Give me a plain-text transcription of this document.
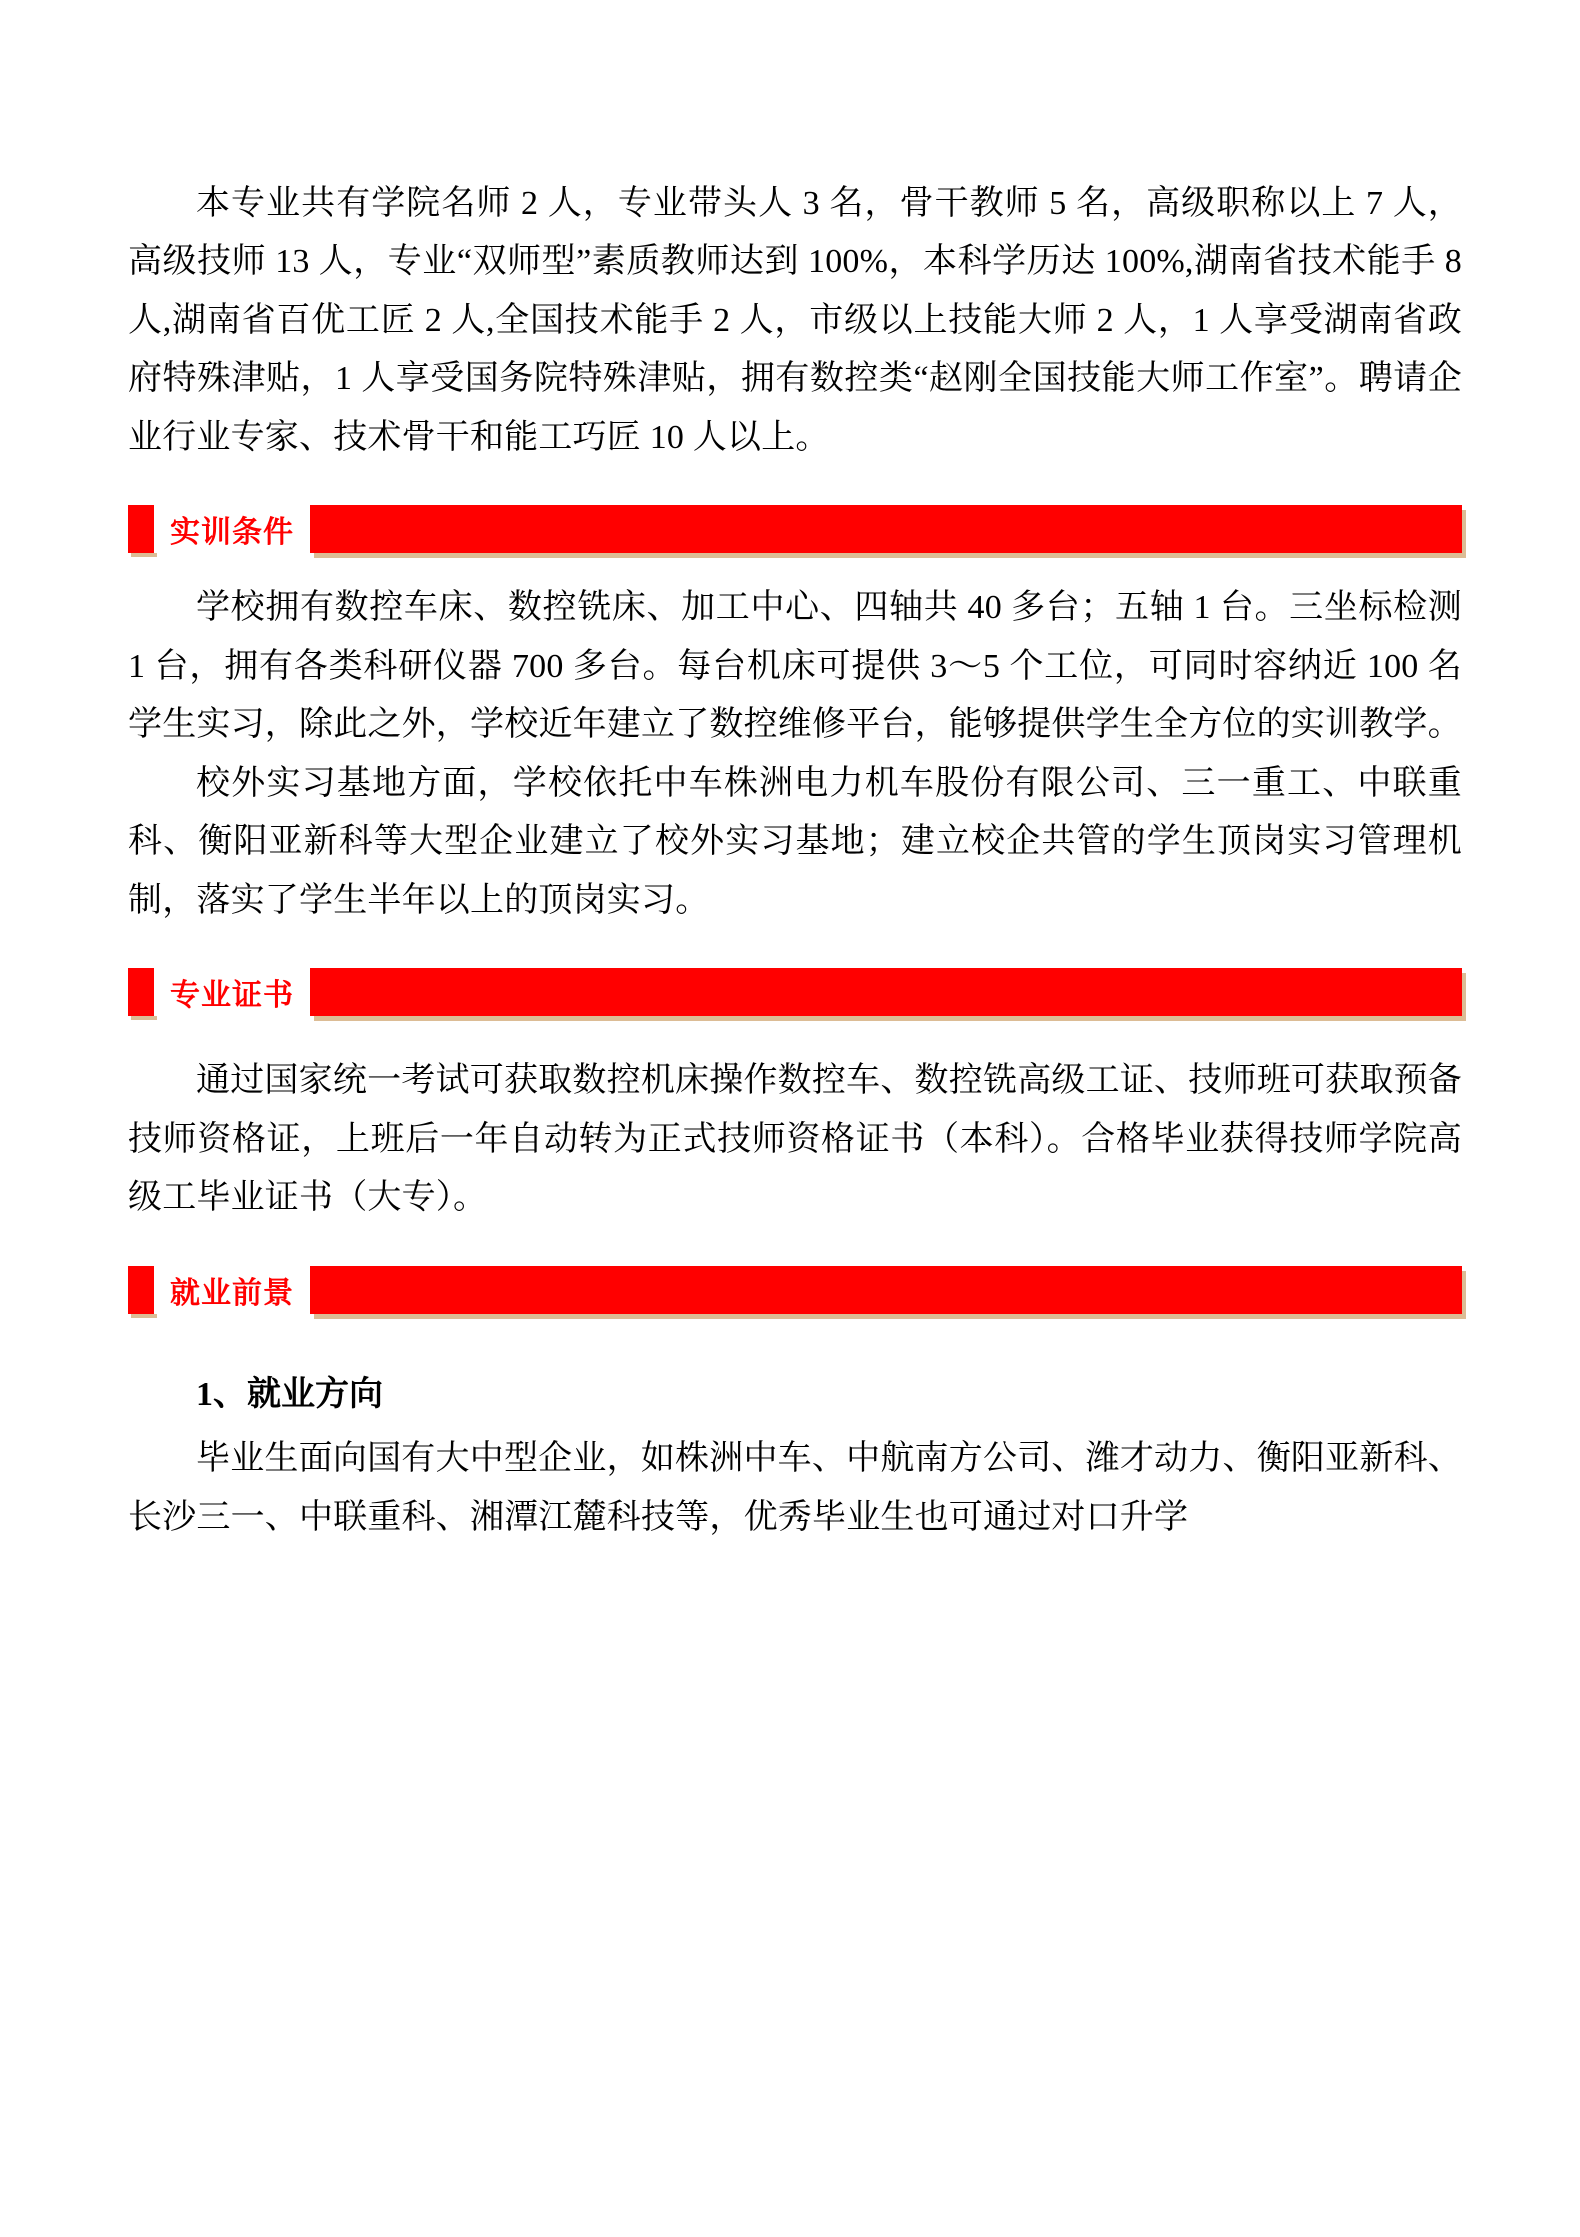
本专业共有学院名师 2 人，专业带头人 3 名，骨干教师 5 名，高级职称以上 7 人，高级技师 13 人，专业“双师型”素质教师达到 100%，本科学历达 100%,湖南省技术能手 8 人,湖南省百优工匠 2 人,全国技术能手 2 人，市级以上技能大师 2 人，1 人享受湖南省政府特殊津贴，1 人享受国务院特殊津贴，拥有数控类“赵刚全国技能大师工作室”。聘请企业行业专家、技术骨干和能工巧匠 10 人以上。

实训条件

学校拥有数控车床、数控铣床、加工中心、四轴共 40 多台；五轴 1 台。三坐标检测 1 台，拥有各类科研仪器 700 多台。每台机床可提供 3～5 个工位，可同时容纳近 100 名学生实习，除此之外，学校近年建立了数控维修平台，能够提供学生全方位的实训教学。

校外实习基地方面，学校依托中车株洲电力机车股份有限公司、三一重工、中联重科、衡阳亚新科等大型企业建立了校外实习基地；建立校企共管的学生顶岗实习管理机制，落实了学生半年以上的顶岗实习。

专业证书

通过国家统一考试可获取数控机床操作数控车、数控铣高级工证、技师班可获取预备技师资格证，上班后一年自动转为正式技师资格证书（本科）。合格毕业获得技师学院高级工毕业证书（大专）。

就业前景

1、就业方向

毕业生面向国有大中型企业，如株洲中车、中航南方公司、潍才动力、衡阳亚新科、长沙三一、中联重科、湘潭江麓科技等，优秀毕业生也可通过对口升学
